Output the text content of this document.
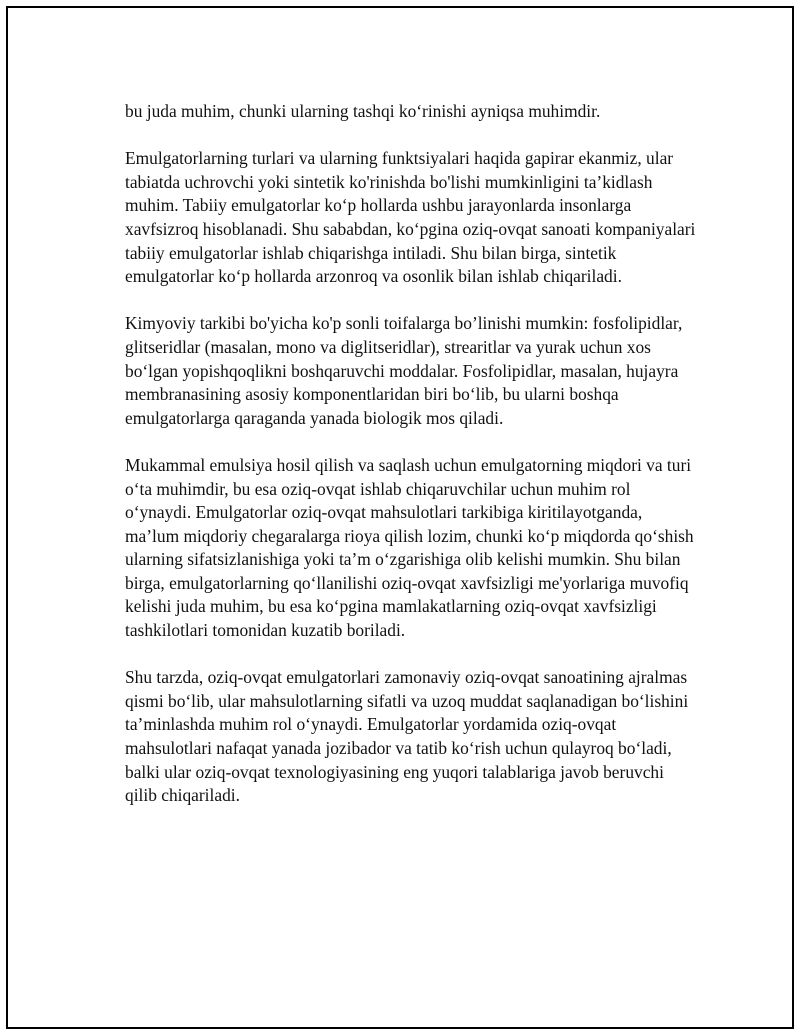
bu juda muhim, chunki ularning tashqi ko‘rinishi ayniqsa muhimdir.

Emulgatorlarning turlari va ularning funktsiyalari haqida gapirar ekanmiz, ular tabiatda uchrovchi yoki sintetik ko'rinishda bo'lishi mumkinligini ta’kidlash muhim. Tabiiy emulgatorlar ko‘p hollarda ushbu jarayonlarda insonlarga xavfsizroq hisoblanadi. Shu sababdan, ko‘pgina oziq-ovqat sanoati kompaniyalari tabiiy emulgatorlar ishlab chiqarishga intiladi. Shu bilan birga, sintetik emulgatorlar ko‘p hollarda arzonroq va osonlik bilan ishlab chiqariladi.

Kimyoviy tarkibi bo'yicha ko'p sonli toifalarga bo’linishi mumkin: fosfolipidlar, glitseridlar (masalan, mono va diglitseridlar), strearitlar va yurak uchun xos bo‘lgan yopishqoqlikni boshqaruvchi moddalar. Fosfolipidlar, masalan, hujayra membranasining asosiy komponentlaridan biri bo‘lib, bu ularni boshqa emulgatorlarga qaraganda yanada biologik mos qiladi.

Mukammal emulsiya hosil qilish va saqlash uchun emulgatorning miqdori va turi o‘ta muhimdir, bu esa oziq-ovqat ishlab chiqaruvchilar uchun muhim rol o‘ynaydi. Emulgatorlar oziq-ovqat mahsulotlari tarkibiga kiritilayotganda, ma’lum miqdoriy chegaralarga rioya qilish lozim, chunki ko‘p miqdorda qo‘shish ularning sifatsizlanishiga yoki ta’m o‘zgarishiga olib kelishi mumkin. Shu bilan birga, emulgatorlarning qo‘llanilishi oziq-ovqat xavfsizligi me'yorlariga muvofiq kelishi juda muhim, bu esa ko‘pgina mamlakatlarning oziq-ovqat xavfsizligi tashkilotlari tomonidan kuzatib boriladi.

Shu tarzda, oziq-ovqat emulgatorlari zamonaviy oziq-ovqat sanoatining ajralmas qismi bo‘lib, ular mahsulotlarning sifatli va uzoq muddat saqlanadigan bo‘lishini ta’minlashda muhim rol o‘ynaydi. Emulgatorlar yordamida oziq-ovqat mahsulotlari nafaqat yanada jozibador va tatib ko‘rish uchun qulayroq bo‘ladi, balki ular oziq-ovqat texnologiyasining eng yuqori talablariga javob beruvchi qilib chiqariladi.
